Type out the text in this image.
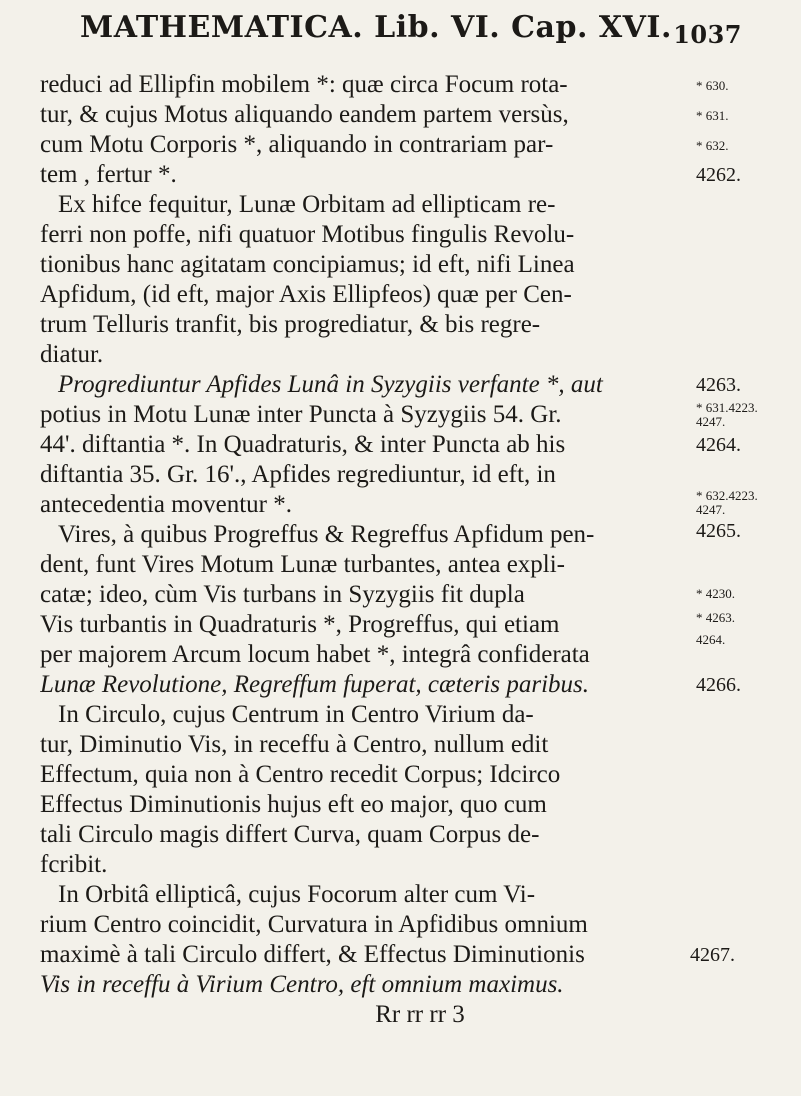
MATHEMATICA. Lib. VI. Cap. XVI. 1037
reduci ad Ellipfin mobilem *: quæ circa Focum rota-
tur, & cujus Motus aliquando eandem partem versùs,
cum Motu Corporis *, aliquando in contrariam par-
tem , fertur *.
Ex hifce fequitur, Lunæ Orbitam ad ellipticam re-
ferri non poffe, nifi quatuor Motibus fingulis Revolu-
tionibus hanc agitatam concipiamus; id eft, nifi Linea
Apfidum, (id eft, major Axis Ellipfeos) quæ per Cen-
trum Telluris tranfit, bis progrediatur, & bis regre-
diatur.
Progrediuntur Apfides Lunâ in Syzygiis verfante *, aut
potius in Motu Lunæ inter Puncta à Syzygiis 54. Gr.
44'. diftantia *. In Quadraturis, & inter Puncta ab his
diftantia 35. Gr. 16'., Apfides regrediuntur, id eft, in
antecedentia moventur *.
Vires, à quibus Progreffus & Regreffus Apfidum pen-
dent, funt Vires Motum Lunæ turbantes, antea expli-
catæ; ideo, cùm Vis turbans in Syzygiis fit dupla
Vis turbantis in Quadraturis *, Progreffus, qui etiam
per majorem Arcum locum habet *, integrâ confiderata
Lunæ Revolutione, Regreffum fuperat, cæteris paribus.
In Circulo, cujus Centrum in Centro Virium da-
tur, Diminutio Vis, in receffu à Centro, nullum edit
Effectum, quia non à Centro recedit Corpus; Idcirco
Effectus Diminutionis hujus eft eo major, quo cum
tali Circulo magis differt Curva, quam Corpus de-
fcribit.
In Orbitâ ellipticâ, cujus Focorum alter cum Vi-
rium Centro coincidit, Curvatura in Apfidibus omnium
maximè à tali Circulo differt, & Effectus Diminutionis
Vis in receffu à Virium Centro, eft omnium maximus.
Rr rr rr 3
* 630.
* 631.
* 632.
4262.
4263.
* 631.4223.
4247.
4264.
* 632.4223.
4247.
4265.
* 4230.
* 4263.
4264.
4266.
4267.
